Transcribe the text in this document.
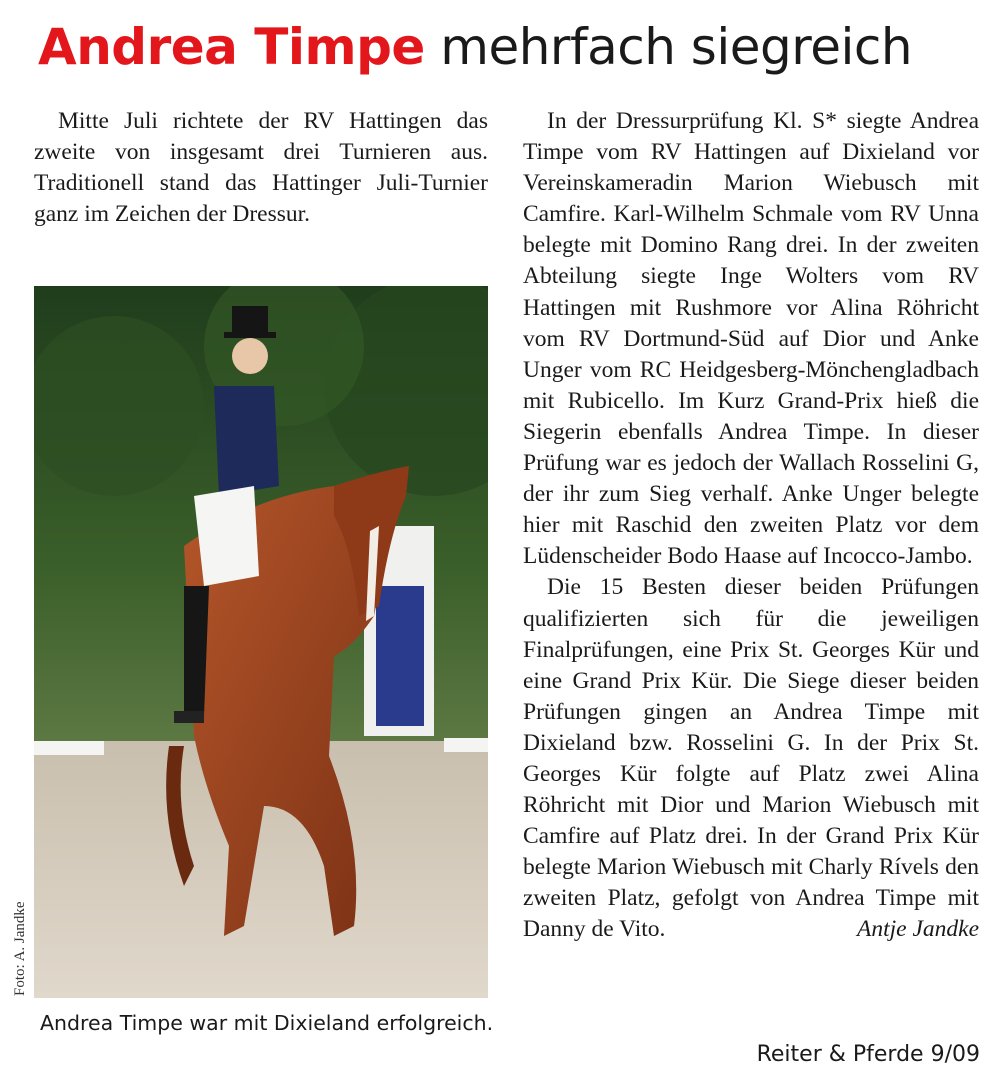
Andrea Timpe mehrfach siegreich

Mitte Juli richtete der RV Hattingen das zweite von insgesamt drei Turnieren aus. Traditionell stand das Hattinger Juli-Turnier ganz im Zeichen der Dressur.

Foto: A. Jandke
Andrea Timpe war mit Dixieland erfolgreich.

In der Dressurprüfung Kl. S* siegte Andrea Timpe vom RV Hattingen auf Dixieland vor Vereinskameradin Marion Wiebusch mit Camfire. Karl-Wilhelm Schmale vom RV Unna belegte mit Domino Rang drei. In der zweiten Abteilung siegte Inge Wolters vom RV Hattingen mit Rushmore vor Alina Röhricht vom RV Dortmund-Süd auf Dior und Anke Unger vom RC Heidgesberg-Mönchengladbach mit Rubicello. Im Kurz Grand-Prix hieß die Siegerin ebenfalls Andrea Timpe. In dieser Prüfung war es jedoch der Wallach Rosselini G, der ihr zum Sieg verhalf. Anke Unger belegte hier mit Raschid den zweiten Platz vor dem Lüdenscheider Bodo Haase auf Incocco-Jambo.

Die 15 Besten dieser beiden Prüfungen qualifizierten sich für die jeweiligen Finalprüfungen, eine Prix St. Georges Kür und eine Grand Prix Kür. Die Siege dieser beiden Prüfungen gingen an Andrea Timpe mit Dixieland bzw. Rosselini G. In der Prix St. Georges Kür folgte auf Platz zwei Alina Röhricht mit Dior und Marion Wiebusch mit Camfire auf Platz drei. In der Grand Prix Kür belegte Marion Wiebusch mit Charly Rívels den zweiten Platz, gefolgt von Andrea Timpe mit Danny de Vito.	Antje Jandke

Reiter & Pferde 9/09
